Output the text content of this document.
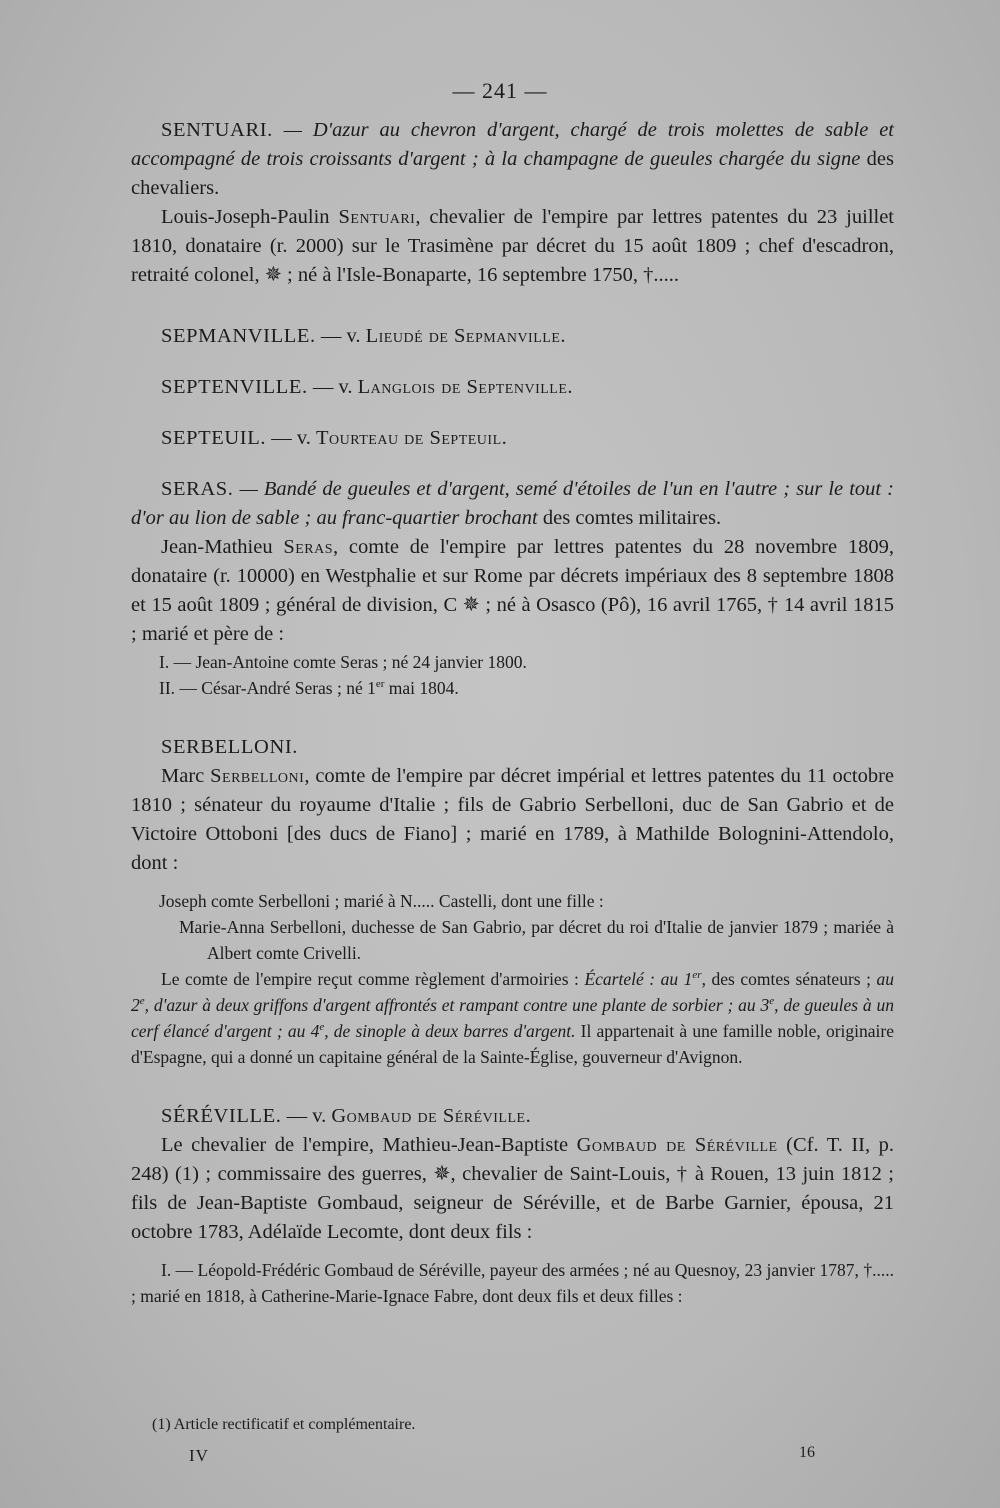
— 241 —

SENTUARI. — D'azur au chevron d'argent, chargé de trois molettes de sable et accompagné de trois croissants d'argent ; à la champagne de gueules chargée du signe des chevaliers.

Louis-Joseph-Paulin Sentuari, chevalier de l'empire par lettres patentes du 23 juillet 1810, donataire (r. 2000) sur le Trasimène par décret du 15 août 1809 ; chef d'escadron, retraité colonel, ✵ ; né à l'Isle-Bonaparte, 16 septembre 1750, †.....

SEPMANVILLE. — v. Lieudé de Sepmanville.

SEPTENVILLE. — v. Langlois de Septenville.

SEPTEUIL. — v. Tourteau de Septeuil.

SERAS. — Bandé de gueules et d'argent, semé d'étoiles de l'un en l'autre ; sur le tout : d'or au lion de sable ; au franc-quartier brochant des comtes militaires.

Jean-Mathieu Seras, comte de l'empire par lettres patentes du 28 novembre 1809, donataire (r. 10000) en Westphalie et sur Rome par décrets impériaux des 8 septembre 1808 et 15 août 1809 ; général de division, C ✵ ; né à Osasco (Pô), 16 avril 1765, † 14 avril 1815 ; marié et père de :

I. — Jean-Antoine comte Seras ; né 24 janvier 1800.

II. — César-André Seras ; né 1er mai 1804.

SERBELLONI.

Marc Serbelloni, comte de l'empire par décret impérial et lettres patentes du 11 octobre 1810 ; sénateur du royaume d'Italie ; fils de Gabrio Serbelloni, duc de San Gabrio et de Victoire Ottoboni [des ducs de Fiano] ; marié en 1789, à Mathilde Bolognini-Attendolo, dont :

Joseph comte Serbelloni ; marié à N..... Castelli, dont une fille :

Marie-Anna Serbelloni, duchesse de San Gabrio, par décret du roi d'Italie de janvier 1879 ; mariée à Albert comte Crivelli.

Le comte de l'empire reçut comme règlement d'armoiries : Écartelé : au 1er, des comtes sénateurs ; au 2e, d'azur à deux griffons d'argent affrontés et rampant contre une plante de sorbier ; au 3e, de gueules à un cerf élancé d'argent ; au 4e, de sinople à deux barres d'argent. Il appartenait à une famille noble, originaire d'Espagne, qui a donné un capitaine général de la Sainte-Église, gouverneur d'Avignon.

SÉRÉVILLE. — v. Gombaud de Séréville.

Le chevalier de l'empire, Mathieu-Jean-Baptiste Gombaud de Séréville (Cf. T. II, p. 248) (1) ; commissaire des guerres, ✵, chevalier de Saint-Louis, † à Rouen, 13 juin 1812 ; fils de Jean-Baptiste Gombaud, seigneur de Séréville, et de Barbe Garnier, épousa, 21 octobre 1783, Adélaïde Lecomte, dont deux fils :

I. — Léopold-Frédéric Gombaud de Séréville, payeur des armées ; né au Quesnoy, 23 janvier 1787, †..... ; marié en 1818, à Catherine-Marie-Ignace Fabre, dont deux fils et deux filles :

(1) Article rectificatif et complémentaire.
IV	16
